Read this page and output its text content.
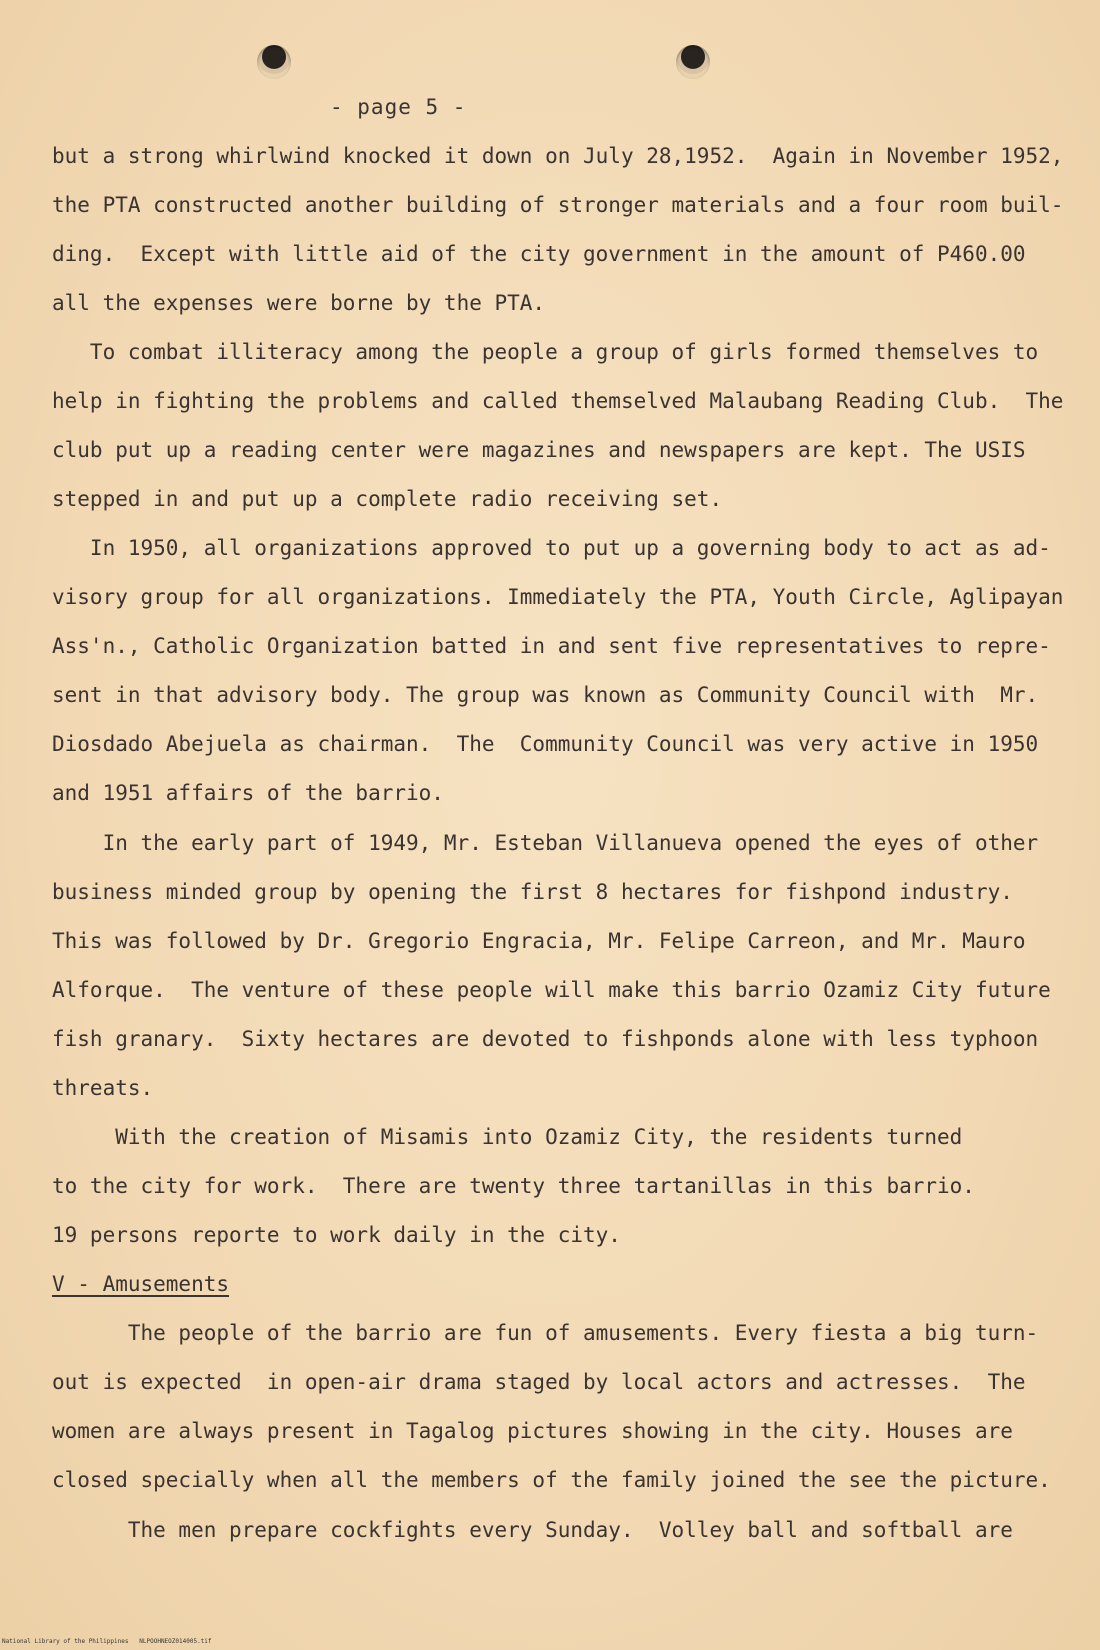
- page 5 -
but a strong whirlwind knocked it down on July 28,1952.  Again in November 1952,
the PTA constructed another building of stronger materials and a four room buil-
ding.  Except with little aid of the city government in the amount of P460.00
all the expenses were borne by the PTA.
To combat illiteracy among the people a group of girls formed themselves to
help in fighting the problems and called themselved Malaubang Reading Club.  The
club put up a reading center were magazines and newspapers are kept. The USIS
stepped in and put up a complete radio receiving set.
In 1950, all organizations approved to put up a governing body to act as ad-
visory group for all organizations. Immediately the PTA, Youth Circle, Aglipayan
Ass'n., Catholic Organization batted in and sent five representatives to repre-
sent in that advisory body. The group was known as Community Council with  Mr.
Diosdado Abejuela as chairman.  The  Community Council was very active in 1950
and 1951 affairs of the barrio.
In the early part of 1949, Mr. Esteban Villanueva opened the eyes of other
business minded group by opening the first 8 hectares for fishpond industry.
This was followed by Dr. Gregorio Engracia, Mr. Felipe Carreon, and Mr. Mauro
Alforque.  The venture of these people will make this barrio Ozamiz City future
fish granary.  Sixty hectares are devoted to fishponds alone with less typhoon
threats.
With the creation of Misamis into Ozamiz City, the residents turned
to the city for work.  There are twenty three tartanillas in this barrio.
19 persons reporte to work daily in the city.
V - Amusements
The people of the barrio are fun of amusements. Every fiesta a big turn-
out is expected  in open-air drama staged by local actors and actresses.  The
women are always present in Tagalog pictures showing in the city. Houses are
closed specially when all the members of the family joined the see the picture.
The men prepare cockfights every Sunday.  Volley ball and softball are
National Library of the Philippines   NLPOOHNEOZ014005.tif
